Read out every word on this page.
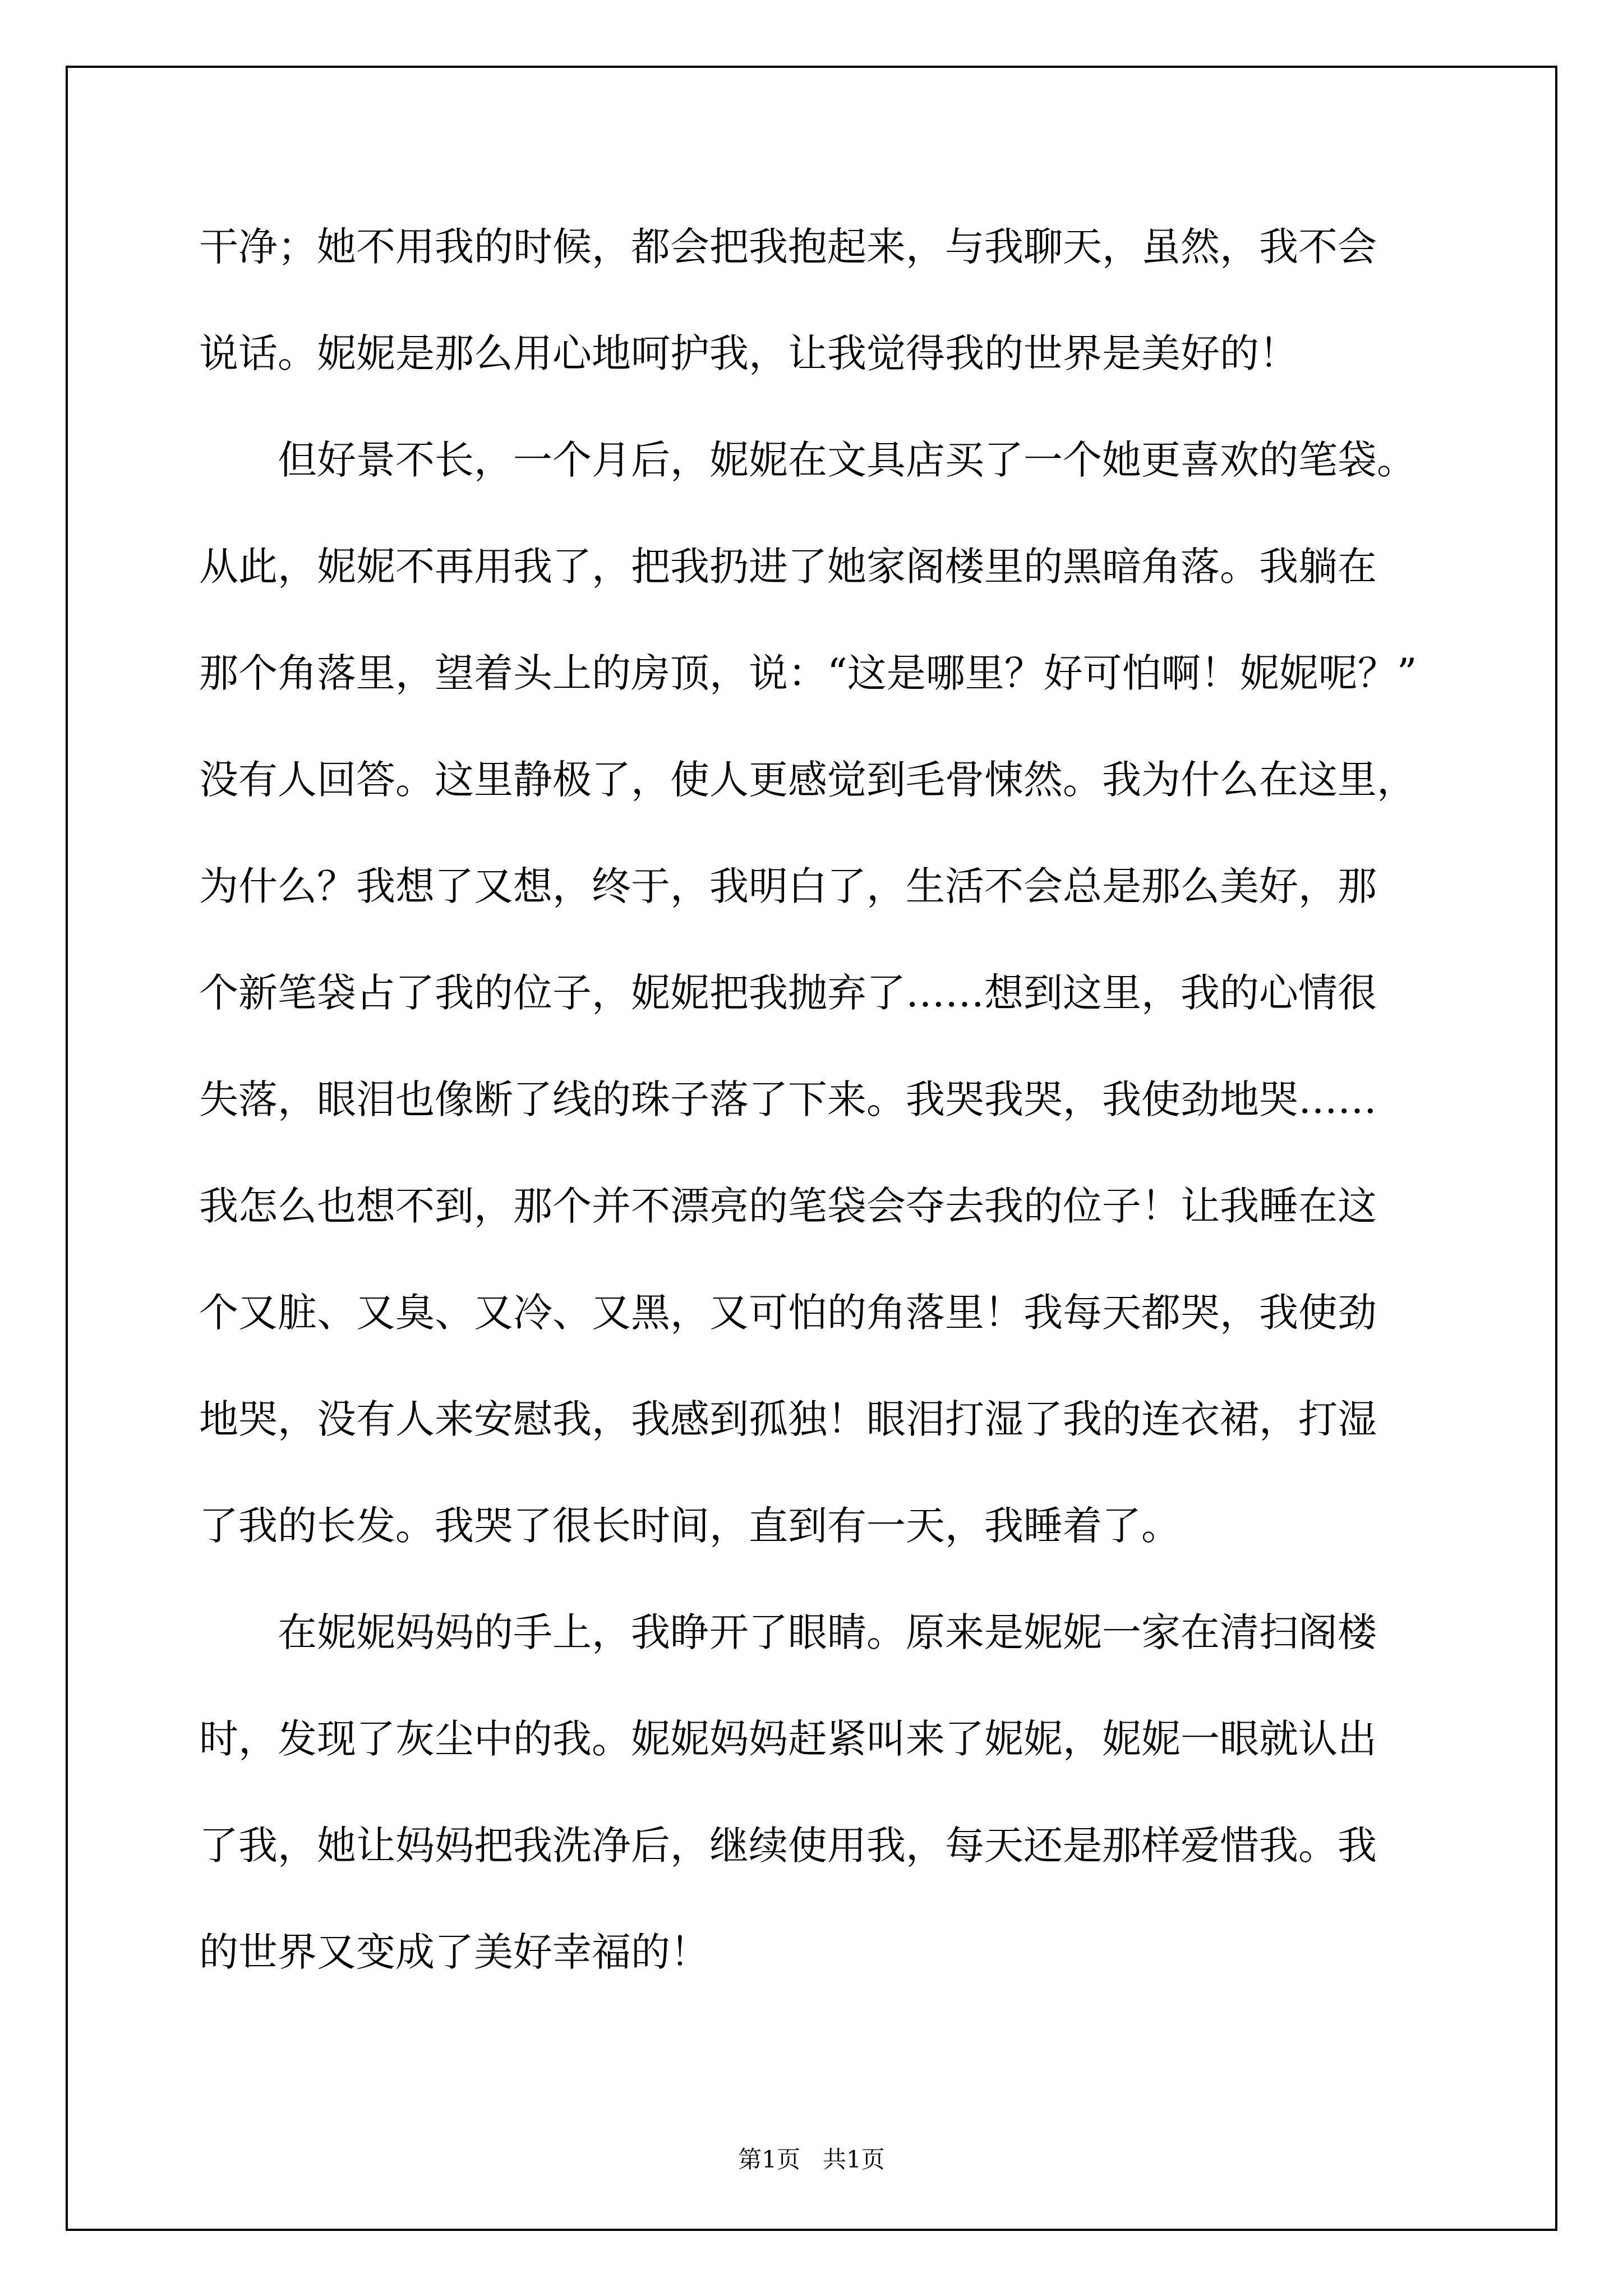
干净；她不用我的时候，都会把我抱起来，与我聊天，虽然，我不会
说话。妮妮是那么用心地呵护我，让我觉得我的世界是美好的！
但好景不长，一个月后，妮妮在文具店买了一个她更喜欢的笔袋。
从此，妮妮不再用我了，把我扔进了她家阁楼里的黑暗角落。我躺在
那个角落里，望着头上的房顶，说：“这是哪里？好可怕啊！妮妮呢？”
没有人回答。这里静极了，使人更感觉到毛骨悚然。我为什么在这里，
为什么？我想了又想，终于，我明白了，生活不会总是那么美好，那
个新笔袋占了我的位子，妮妮把我抛弃了……想到这里，我的心情很
失落，眼泪也像断了线的珠子落了下来。我哭我哭，我使劲地哭……
我怎么也想不到，那个并不漂亮的笔袋会夺去我的位子！让我睡在这
个又脏、又臭、又冷、又黑，又可怕的角落里！我每天都哭，我使劲
地哭，没有人来安慰我，我感到孤独！眼泪打湿了我的连衣裙，打湿
了我的长发。我哭了很长时间，直到有一天，我睡着了。
在妮妮妈妈的手上，我睁开了眼睛。原来是妮妮一家在清扫阁楼
时，发现了灰尘中的我。妮妮妈妈赶紧叫来了妮妮，妮妮一眼就认出
了我，她让妈妈把我洗净后，继续使用我，每天还是那样爱惜我。我
的世界又变成了美好幸福的！
第1页   共1页
